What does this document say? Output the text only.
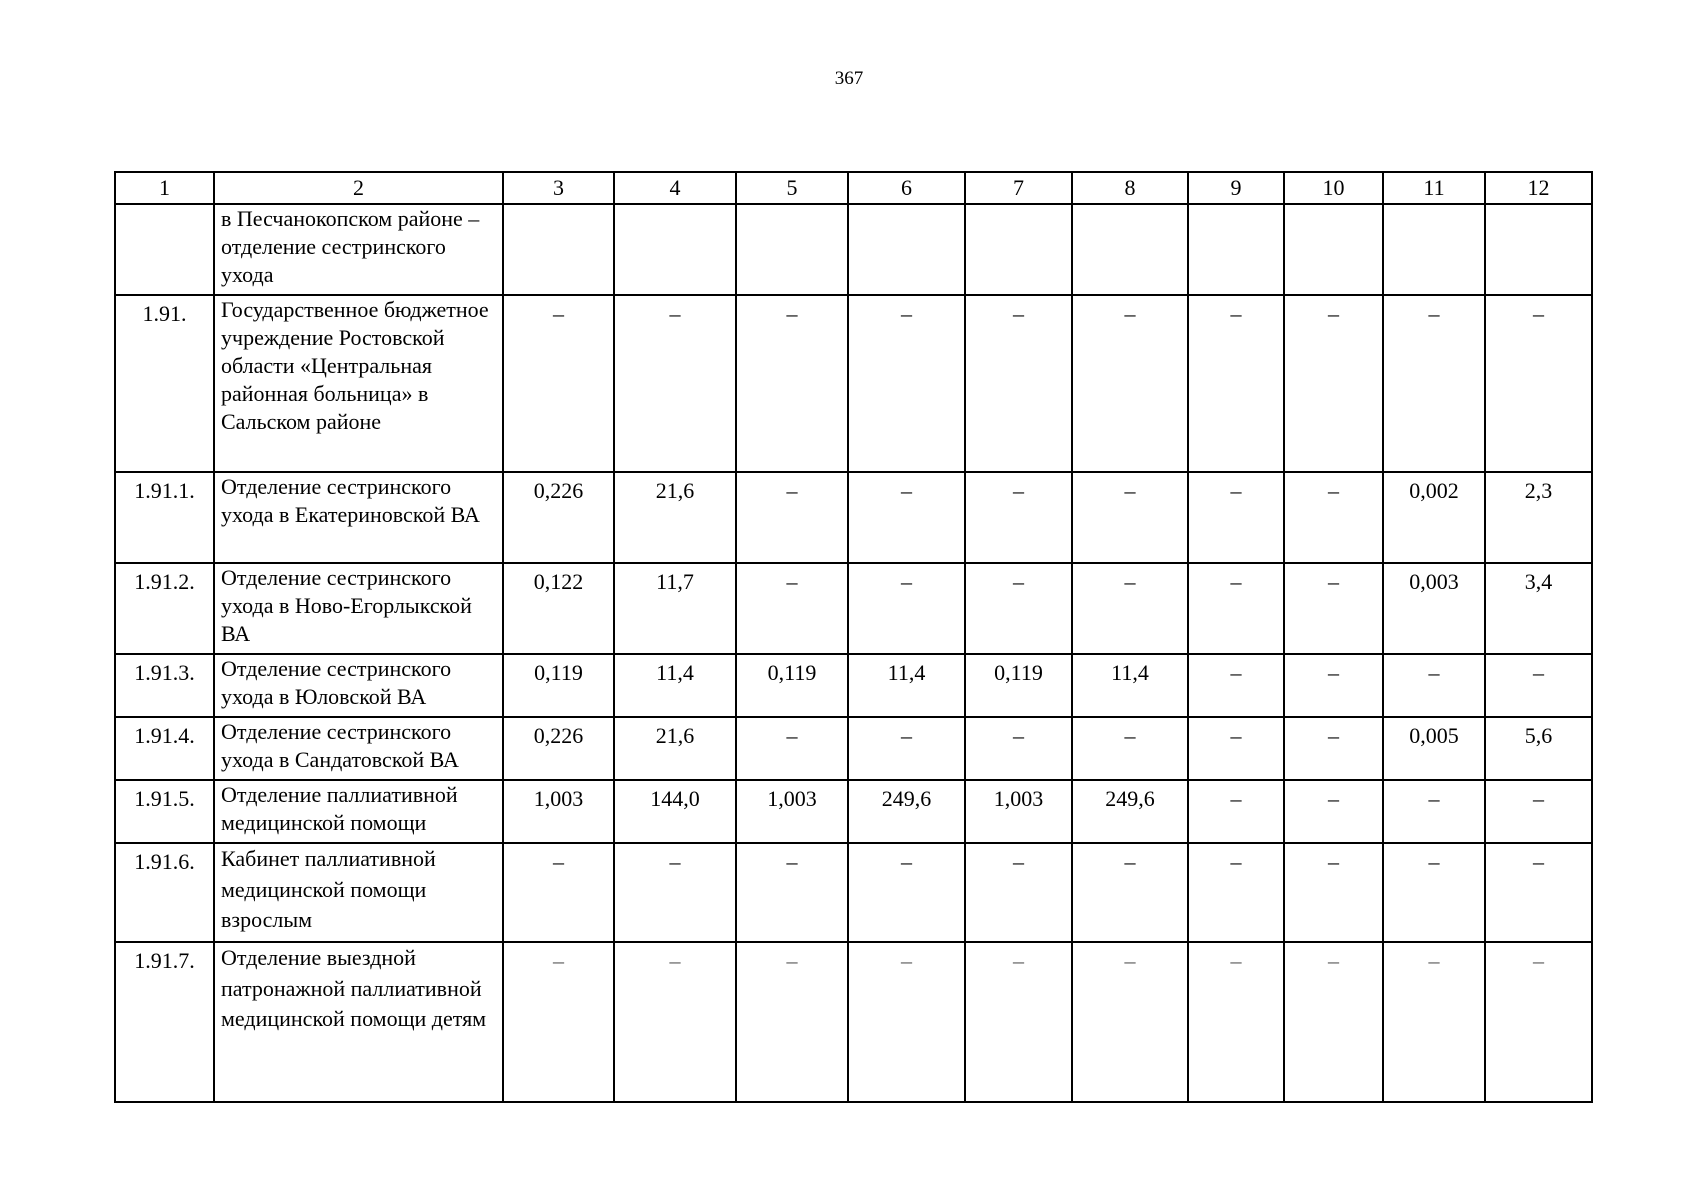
367
1	2	3	4	5	6	7	8	9	10	11	12
	в Песчанокопском районе – отделение сестринского ухода										
1.91.	Государственное бюджетное учреждение Ростовской области «Центральная районная больница» в Сальском районе	–	–	–	–	–	–	–	–	–	–
1.91.1.	Отделение сестринского ухода в Екатериновской ВА	0,226	21,6	–	–	–	–	–	–	0,002	2,3
1.91.2.	Отделение сестринского ухода в Ново-Егорлыкской ВА	0,122	11,7	–	–	–	–	–	–	0,003	3,4
1.91.3.	Отделение сестринского ухода в Юловской ВА	0,119	11,4	0,119	11,4	0,119	11,4	–	–	–	–
1.91.4.	Отделение сестринского ухода в Сандатовской ВА	0,226	21,6	–	–	–	–	–	–	0,005	5,6
1.91.5.	Отделение паллиативной медицинской помощи	1,003	144,0	1,003	249,6	1,003	249,6	–	–	–	–
1.91.6.	Кабинет паллиативной медицинской помощи взрослым	–	–	–	–	–	–	–	–	–	–
1.91.7.	Отделение выездной патронажной паллиативной медицинской помощи детям	–	–	–	–	–	–	–	–	–	–
